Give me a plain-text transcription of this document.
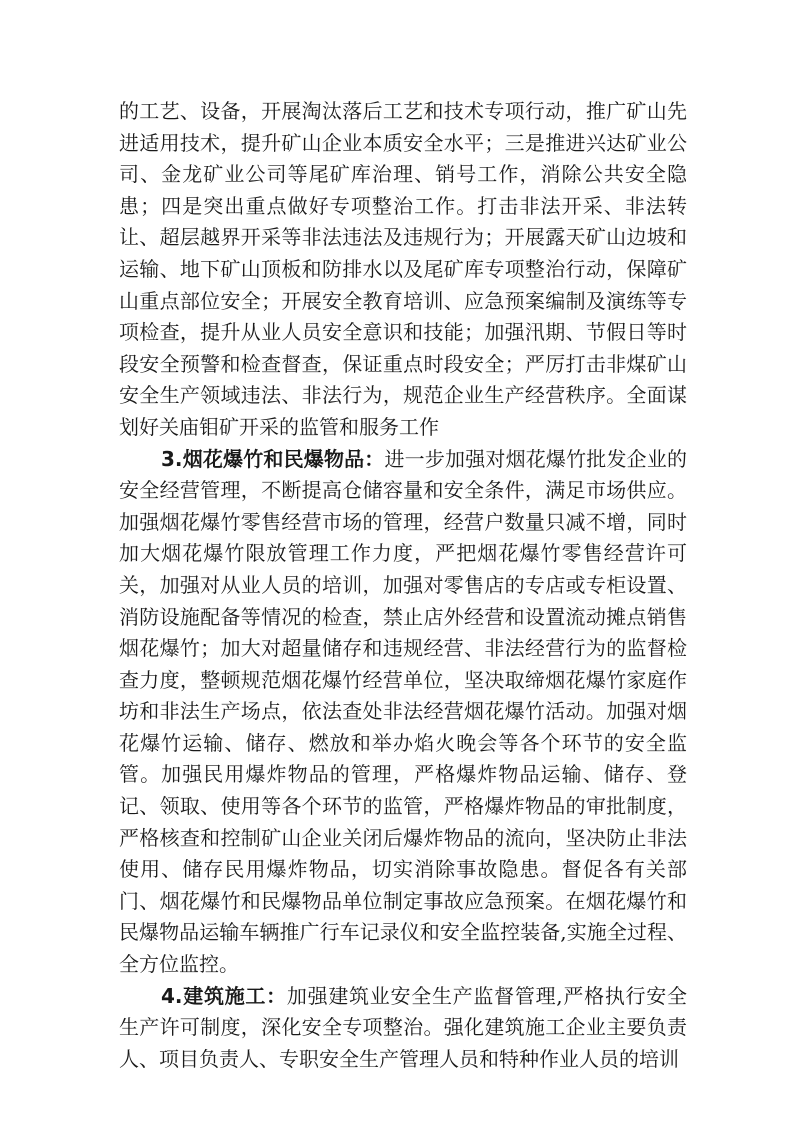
的工艺、设备，开展淘汰落后工艺和技术专项行动，推广矿山先进适用技术，提升矿山企业本质安全水平；三是推进兴达矿业公司、金龙矿业公司等尾矿库治理、销号工作，消除公共安全隐患；四是突出重点做好专项整治工作。打击非法开采、非法转让、超层越界开采等非法违法及违规行为；开展露天矿山边坡和运输、地下矿山顶板和防排水以及尾矿库专项整治行动，保障矿山重点部位安全；开展安全教育培训、应急预案编制及演练等专项检查，提升从业人员安全意识和技能；加强汛期、节假日等时段安全预警和检查督查，保证重点时段安全；严厉打击非煤矿山安全生产领域违法、非法行为，规范企业生产经营秩序。全面谋划好关庙钼矿开采的监管和服务工作

3.烟花爆竹和民爆物品：进一步加强对烟花爆竹批发企业的安全经营管理，不断提高仓储容量和安全条件，满足市场供应。加强烟花爆竹零售经营市场的管理，经营户数量只减不增，同时加大烟花爆竹限放管理工作力度，严把烟花爆竹零售经营许可关，加强对从业人员的培训，加强对零售店的专店或专柜设置、消防设施配备等情况的检查，禁止店外经营和设置流动摊点销售烟花爆竹；加大对超量储存和违规经营、非法经营行为的监督检查力度，整顿规范烟花爆竹经营单位，坚决取缔烟花爆竹家庭作坊和非法生产场点，依法查处非法经营烟花爆竹活动。加强对烟花爆竹运输、储存、燃放和举办焰火晚会等各个环节的安全监管。加强民用爆炸物品的管理，严格爆炸物品运输、储存、登记、领取、使用等各个环节的监管，严格爆炸物品的审批制度，严格核查和控制矿山企业关闭后爆炸物品的流向，坚决防止非法使用、储存民用爆炸物品，切实消除事故隐患。督促各有关部门、烟花爆竹和民爆物品单位制定事故应急预案。在烟花爆竹和民爆物品运输车辆推广行车记录仪和安全监控装备,实施全过程、全方位监控。

4.建筑施工：加强建筑业安全生产监督管理,严格执行安全生产许可制度，深化安全专项整治。强化建筑施工企业主要负责人、项目负责人、专职安全生产管理人员和特种作业人员的培训
